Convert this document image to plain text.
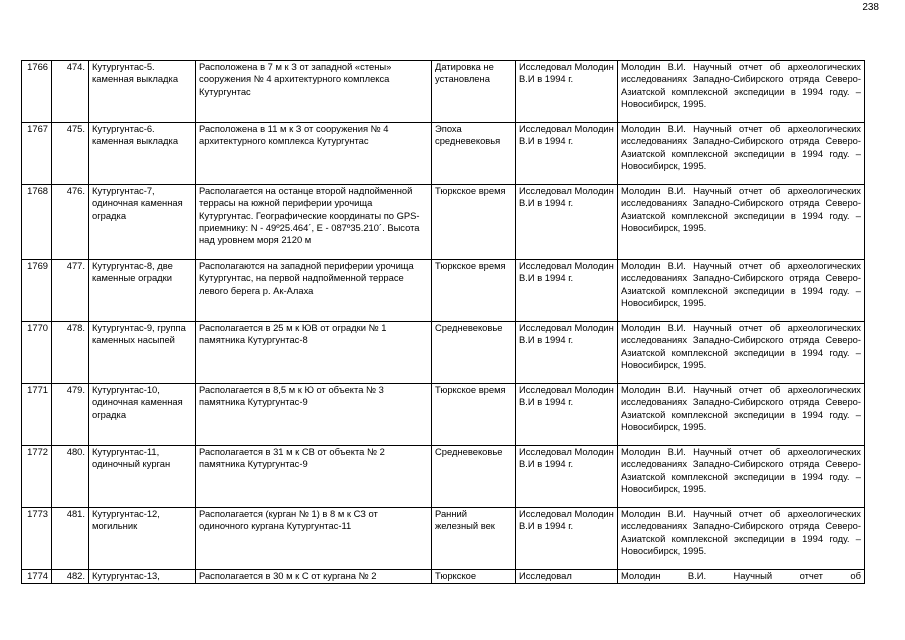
238
1766	474.	Кутургунтас-5. каменная выкладка	Расположена в 7 м к З от западной «стены» сооружения № 4 архитектурного комплекса Кутургунтас	Датировка не установлена	Исследовал Молодин В.И в 1994 г.	Молодин В.И. Научный отчет об археологических исследованиях Западно-Сибирского отряда Северо-Азиатской комплексной экспедиции в 1994 году. –
Новосибирск, 1995.

1767	475.	Кутургунтас-6. каменная выкладка	Расположена в 11 м к З от сооружения № 4 архитектурного комплекса Кутургунтас	Эпоха средневековья	Исследовал Молодин В.И в 1994 г.	Молодин В.И. Научный отчет об археологических исследованиях Западно-Сибирского отряда Северо-Азиатской комплексной экспедиции в 1994 году. –
Новосибирск, 1995.

1768	476.	Кутургунтас-7, одиночная каменная оградка	Располагается на останце второй надпойменной террасы на южной периферии урочища Кутургунтас. Географические координаты по GPS-приемнику: N - 49º25.464´, E - 087º35.210´. Высота над уровнем моря 2120 м	Тюркское время	Исследовал Молодин В.И в 1994 г.	Молодин В.И. Научный отчет об археологических исследованиях Западно-Сибирского отряда Северо-Азиатской комплексной экспедиции в 1994 году. –
Новосибирск, 1995.

1769	477.	Кутургунтас-8, две каменные оградки	Располагаются на западной периферии урочища Кутургунтас, на первой надпойменной террасе левого берега р. Ак-Алаха	Тюркское время	Исследовал Молодин В.И в 1994 г.	Молодин В.И. Научный отчет об археологических исследованиях Западно-Сибирского отряда Северо-Азиатской комплексной экспедиции в 1994 году. –
Новосибирск, 1995.

1770	478.	Кутургунтас-9, группа каменных насыпей	Располагается в 25 м к ЮВ от оградки № 1 памятника Кутургунтас-8	Средневековье	Исследовал Молодин В.И в 1994 г.	Молодин В.И. Научный отчет об археологических исследованиях Западно-Сибирского отряда Северо-Азиатской комплексной экспедиции в 1994 году. –
Новосибирск, 1995.

1771	479.	Кутургунтас-10, одиночная каменная оградка	Располагается в 8,5 м к Ю от объекта № 3 памятника Кутургунтас-9	Тюркское время	Исследовал Молодин В.И в 1994 г.	Молодин В.И. Научный отчет об археологических исследованиях Западно-Сибирского отряда Северо-Азиатской комплексной экспедиции в 1994 году. –
Новосибирск, 1995.

1772	480.	Кутургунтас-11, одиночный курган	Располагается в 31 м к СВ от объекта № 2 памятника Кутургунтас-9	Средневековье	Исследовал Молодин В.И в 1994 г.	Молодин В.И. Научный отчет об археологических исследованиях Западно-Сибирского отряда Северо-Азиатской комплексной экспедиции в 1994 году. –
Новосибирск, 1995.

1773	481.	Кутургунтас-12, могильник	Располагается (курган № 1) в 8 м к СЗ от одиночного кургана Кутургунтас-11	Ранний железный век	Исследовал Молодин В.И в 1994 г.	Молодин В.И. Научный отчет об археологических исследованиях Западно-Сибирского отряда Северо-Азиатской комплексной экспедиции в 1994 году. –
Новосибирск, 1995.

1774	482.	Кутургунтас-13,	Располагается в 30 м к С от кургана № 2	Тюркское	Исследовал	Молодин В.И. Научный отчет об
